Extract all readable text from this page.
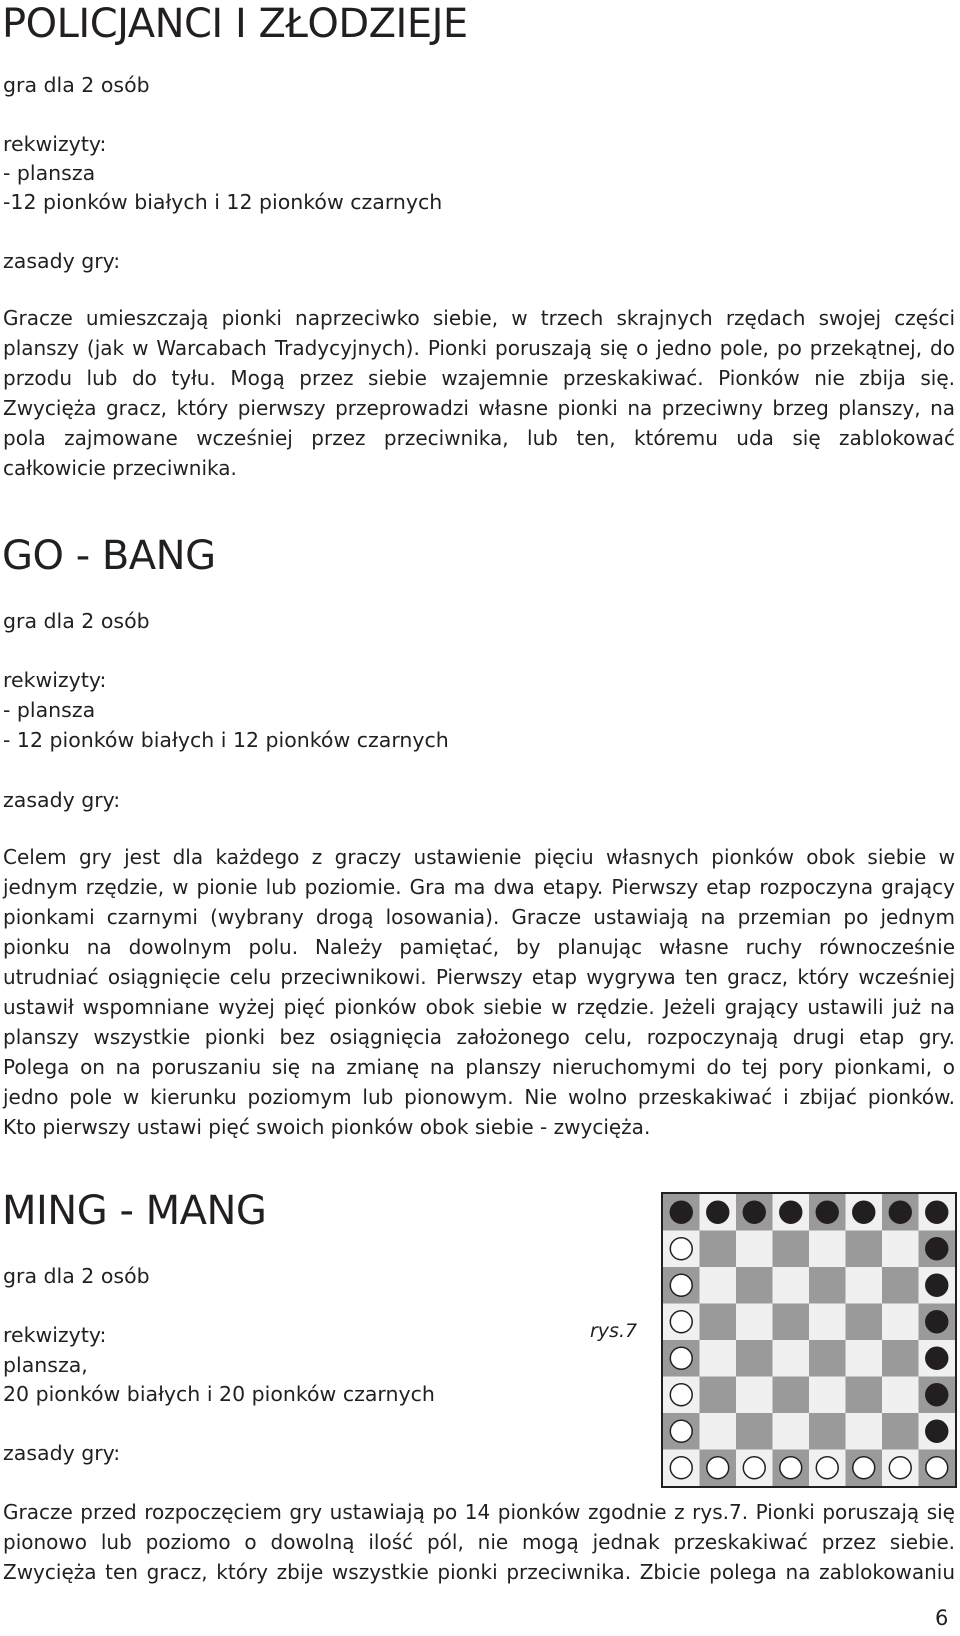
POLICJANCI I ZŁODZIEJE
gra dla 2 osób
rekwizyty:
- plansza
-12 pionków białych i 12 pionków czarnych
zasady gry:
Gracze umieszczają pionki naprzeciwko siebie, w trzech skrajnych rzędach swojej części
planszy (jak w Warcabach Tradycyjnych). Pionki poruszają się o jedno pole, po przekątnej, do
przodu lub do tyłu. Mogą przez siebie wzajemnie przeskakiwać. Pionków nie zbija się.
Zwycięża gracz, który pierwszy przeprowadzi własne pionki na przeciwny brzeg planszy, na
pola zajmowane wcześniej przez przeciwnika, lub ten, któremu uda się zablokować
całkowicie przeciwnika.
GO - BANG
gra dla 2 osób
rekwizyty:
- plansza
- 12 pionków białych i 12 pionków czarnych
zasady gry:
Celem gry jest dla każdego z graczy ustawienie pięciu własnych pionków obok siebie w
jednym rzędzie, w pionie lub poziomie. Gra ma dwa etapy. Pierwszy etap rozpoczyna grający
pionkami czarnymi (wybrany drogą losowania). Gracze ustawiają na przemian po jednym
pionku na dowolnym polu. Należy pamiętać, by planując własne ruchy równocześnie
utrudniać osiągnięcie celu przeciwnikowi. Pierwszy etap wygrywa ten gracz, który wcześniej
ustawił wspomniane wyżej pięć pionków obok siebie w rzędzie. Jeżeli grający ustawili już na
planszy wszystkie pionki bez osiągnięcia założonego celu, rozpoczynają drugi etap gry.
Polega on na poruszaniu się na zmianę na planszy nieruchomymi do tej pory pionkami, o
jedno pole w kierunku poziomym lub pionowym. Nie wolno przeskakiwać i zbijać pionków.
Kto pierwszy ustawi pięć swoich pionków obok siebie - zwycięża.
MING - MANG
gra dla 2 osób
rekwizyty:
plansza,
20 pionków białych i 20 pionków czarnych
zasady gry:
rys.7
Gracze przed rozpoczęciem gry ustawiają po 14 pionków zgodnie z rys.7. Pionki poruszają się
pionowo lub poziomo o dowolną ilość pól, nie mogą jednak przeskakiwać przez siebie.
Zwycięża ten gracz, który zbije wszystkie pionki przeciwnika. Zbicie polega na zablokowaniu
6
